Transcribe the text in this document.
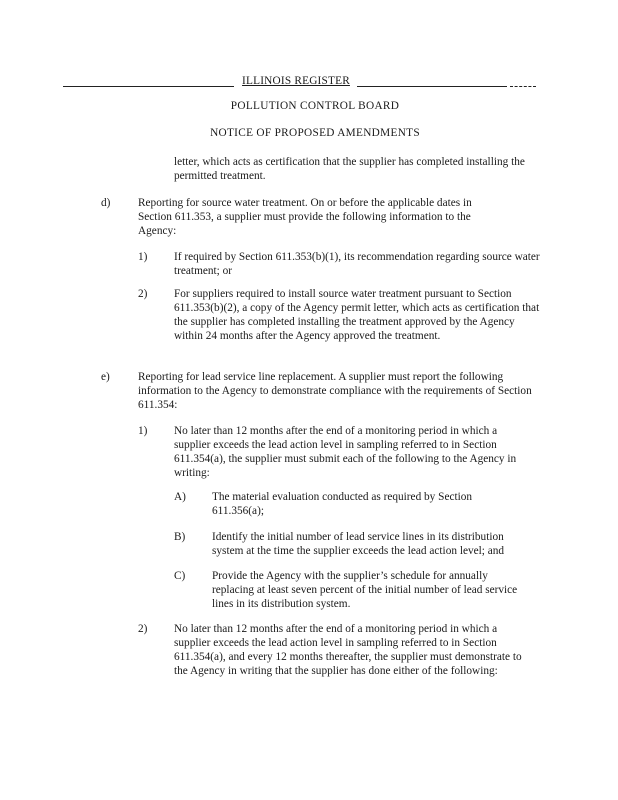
ILLINOIS REGISTER
POLLUTION CONTROL BOARD
NOTICE OF PROPOSED AMENDMENTS

letter, which acts as certification that the supplier has completed installing the permitted treatment.

d) Reporting for source water treatment. On or before the applicable dates in Section 611.353, a supplier must provide the following information to the Agency:

1) If required by Section 611.353(b)(1), its recommendation regarding source water treatment; or

2) For suppliers required to install source water treatment pursuant to Section 611.353(b)(2), a copy of the Agency permit letter, which acts as certification that the supplier has completed installing the treatment approved by the Agency within 24 months after the Agency approved the treatment.

e) Reporting for lead service line replacement. A supplier must report the following information to the Agency to demonstrate compliance with the requirements of Section 611.354:

1) No later than 12 months after the end of a monitoring period in which a supplier exceeds the lead action level in sampling referred to in Section 611.354(a), the supplier must submit each of the following to the Agency in writing:

A) The material evaluation conducted as required by Section 611.356(a);

B) Identify the initial number of lead service lines in its distribution system at the time the supplier exceeds the lead action level; and

C) Provide the Agency with the supplier’s schedule for annually replacing at least seven percent of the initial number of lead service lines in its distribution system.

2) No later than 12 months after the end of a monitoring period in which a supplier exceeds the lead action level in sampling referred to in Section 611.354(a), and every 12 months thereafter, the supplier must demonstrate to the Agency in writing that the supplier has done either of the following:
